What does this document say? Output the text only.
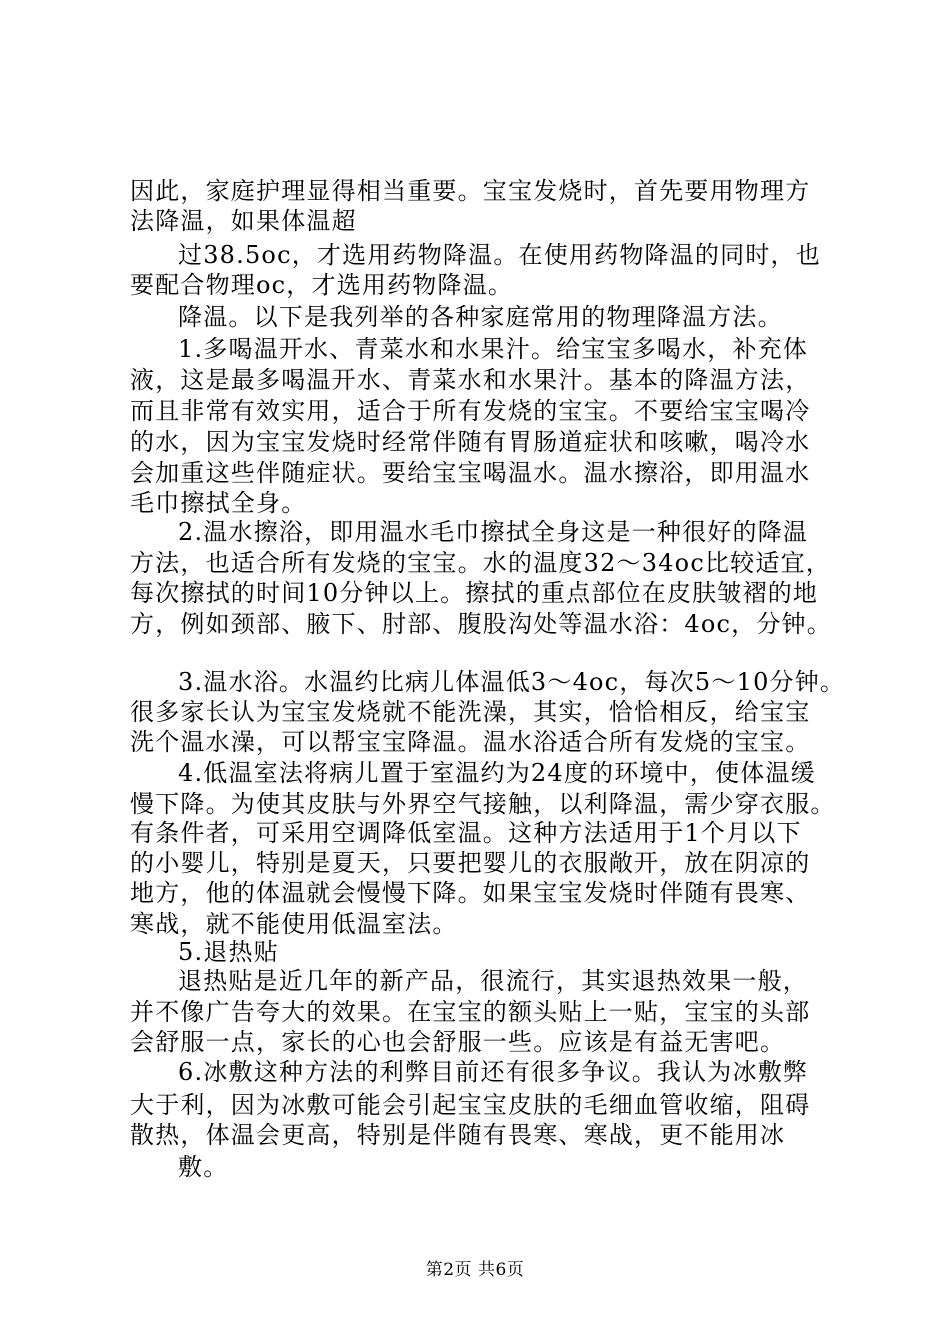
因此，家庭护理显得相当重要。宝宝发烧时，首先要用物理方
法降温，如果体温超
过38.5oc，才选用药物降温。在使用药物降温的同时，也
要配合物理oc，才选用药物降温。
降温。以下是我列举的各种家庭常用的物理降温方法。
1.多喝温开水、青菜水和水果汁。给宝宝多喝水，补充体
液，这是最多喝温开水、青菜水和水果汁。基本的降温方法，
而且非常有效实用，适合于所有发烧的宝宝。不要给宝宝喝冷
的水，因为宝宝发烧时经常伴随有胃肠道症状和咳嗽，喝冷水
会加重这些伴随症状。要给宝宝喝温水。温水擦浴，即用温水
毛巾擦拭全身。
2.温水擦浴，即用温水毛巾擦拭全身这是一种很好的降温
方法，也适合所有发烧的宝宝。水的温度32～34oc比较适宜，
每次擦拭的时间10分钟以上。擦拭的重点部位在皮肤皱褶的地
方，例如颈部、腋下、肘部、腹股沟处等温水浴：4oc，分钟。
3.温水浴。水温约比病儿体温低3～4oc，每次5～10分钟。
很多家长认为宝宝发烧就不能洗澡，其实，恰恰相反，给宝宝
洗个温水澡，可以帮宝宝降温。温水浴适合所有发烧的宝宝。
4.低温室法将病儿置于室温约为24度的环境中，使体温缓
慢下降。为使其皮肤与外界空气接触，以利降温，需少穿衣服。
有条件者，可采用空调降低室温。这种方法适用于1个月以下
的小婴儿，特别是夏天，只要把婴儿的衣服敞开，放在阴凉的
地方，他的体温就会慢慢下降。如果宝宝发烧时伴随有畏寒、
寒战，就不能使用低温室法。
5.退热贴
退热贴是近几年的新产品，很流行，其实退热效果一般，
并不像广告夸大的效果。在宝宝的额头贴上一贴，宝宝的头部
会舒服一点，家长的心也会舒服一些。应该是有益无害吧。
6.冰敷这种方法的利弊目前还有很多争议。我认为冰敷弊
大于利，因为冰敷可能会引起宝宝皮肤的毛细血管收缩，阻碍
散热，体温会更高，特别是伴随有畏寒、寒战，更不能用冰
敷。
第2页 共6页
